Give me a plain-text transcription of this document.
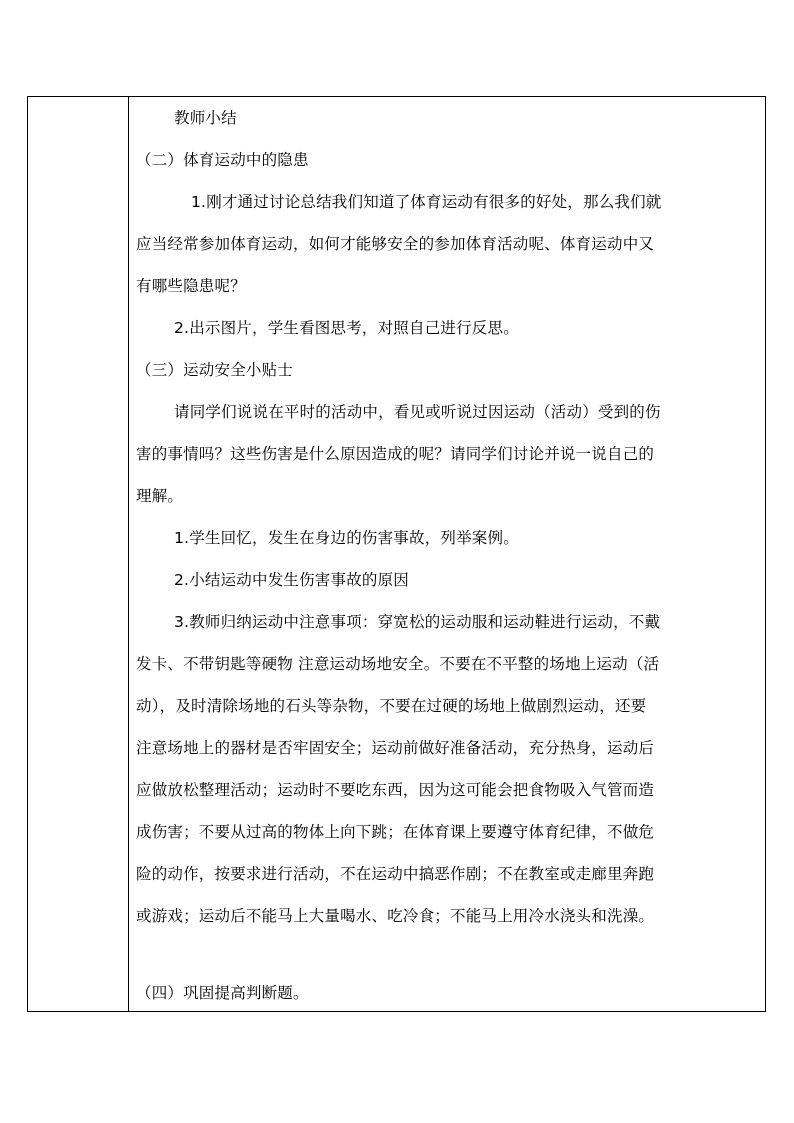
教师小结
（二）体育运动中的隐患
1.刚才通过讨论总结我们知道了体育运动有很多的好处，那么我们就
应当经常参加体育运动，如何才能够安全的参加体育活动呢、体育运动中又
有哪些隐患呢？
2.出示图片，学生看图思考，对照自己进行反思。
（三）运动安全小贴士
请同学们说说在平时的活动中，看见或听说过因运动（活动）受到的伤
害的事情吗？这些伤害是什么原因造成的呢？请同学们讨论并说一说自己的
理解。
1.学生回忆，发生在身边的伤害事故，列举案例。
2.小结运动中发生伤害事故的原因
3.教师归纳运动中注意事项：穿宽松的运动服和运动鞋进行运动，不戴
发卡、不带钥匙等硬物 注意运动场地安全。不要在不平整的场地上运动（活
动），及时清除场地的石头等杂物，不要在过硬的场地上做剧烈运动，还要
注意场地上的器材是否牢固安全；运动前做好准备活动，充分热身，运动后
应做放松整理活动；运动时不要吃东西，因为这可能会把食物吸入气管而造
成伤害；不要从过高的物体上向下跳；在体育课上要遵守体育纪律，不做危
险的动作，按要求进行活动，不在运动中搞恶作剧；不在教室或走廊里奔跑
或游戏；运动后不能马上大量喝水、吃冷食；不能马上用冷水浇头和洗澡。
（四）巩固提高判断题。
